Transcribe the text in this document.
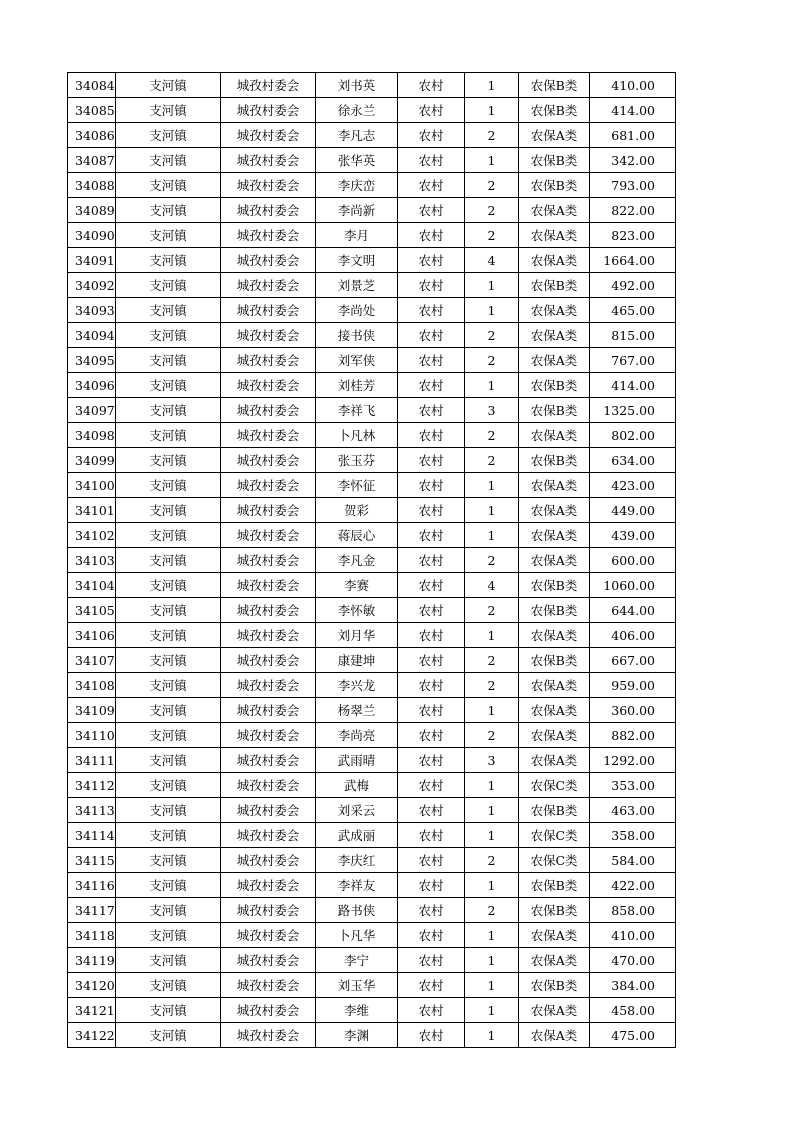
34084	支河镇	城孜村委会	刘书英	农村	1	农保B类	410.00
34085	支河镇	城孜村委会	徐永兰	农村	1	农保B类	414.00
34086	支河镇	城孜村委会	李凡志	农村	2	农保A类	681.00
34087	支河镇	城孜村委会	张华英	农村	1	农保B类	342.00
34088	支河镇	城孜村委会	李庆峦	农村	2	农保B类	793.00
34089	支河镇	城孜村委会	李尚新	农村	2	农保A类	822.00
34090	支河镇	城孜村委会	李月	农村	2	农保A类	823.00
34091	支河镇	城孜村委会	李文明	农村	4	农保A类	1664.00
34092	支河镇	城孜村委会	刘景芝	农村	1	农保B类	492.00
34093	支河镇	城孜村委会	李尚处	农村	1	农保A类	465.00
34094	支河镇	城孜村委会	接书侠	农村	2	农保A类	815.00
34095	支河镇	城孜村委会	刘军侠	农村	2	农保A类	767.00
34096	支河镇	城孜村委会	刘桂芳	农村	1	农保B类	414.00
34097	支河镇	城孜村委会	李祥飞	农村	3	农保B类	1325.00
34098	支河镇	城孜村委会	卜凡林	农村	2	农保A类	802.00
34099	支河镇	城孜村委会	张玉芬	农村	2	农保B类	634.00
34100	支河镇	城孜村委会	李怀征	农村	1	农保A类	423.00
34101	支河镇	城孜村委会	贺彩	农村	1	农保A类	449.00
34102	支河镇	城孜村委会	蒋辰心	农村	1	农保A类	439.00
34103	支河镇	城孜村委会	李凡金	农村	2	农保A类	600.00
34104	支河镇	城孜村委会	李赛	农村	4	农保B类	1060.00
34105	支河镇	城孜村委会	李怀敏	农村	2	农保B类	644.00
34106	支河镇	城孜村委会	刘月华	农村	1	农保A类	406.00
34107	支河镇	城孜村委会	康建坤	农村	2	农保B类	667.00
34108	支河镇	城孜村委会	李兴龙	农村	2	农保A类	959.00
34109	支河镇	城孜村委会	杨翠兰	农村	1	农保A类	360.00
34110	支河镇	城孜村委会	李尚亮	农村	2	农保A类	882.00
34111	支河镇	城孜村委会	武雨晴	农村	3	农保A类	1292.00
34112	支河镇	城孜村委会	武梅	农村	1	农保C类	353.00
34113	支河镇	城孜村委会	刘采云	农村	1	农保B类	463.00
34114	支河镇	城孜村委会	武成丽	农村	1	农保C类	358.00
34115	支河镇	城孜村委会	李庆红	农村	2	农保C类	584.00
34116	支河镇	城孜村委会	李祥友	农村	1	农保B类	422.00
34117	支河镇	城孜村委会	路书侠	农村	2	农保B类	858.00
34118	支河镇	城孜村委会	卜凡华	农村	1	农保A类	410.00
34119	支河镇	城孜村委会	李宁	农村	1	农保A类	470.00
34120	支河镇	城孜村委会	刘玉华	农村	1	农保B类	384.00
34121	支河镇	城孜村委会	李维	农村	1	农保A类	458.00
34122	支河镇	城孜村委会	李渊	农村	1	农保A类	475.00
